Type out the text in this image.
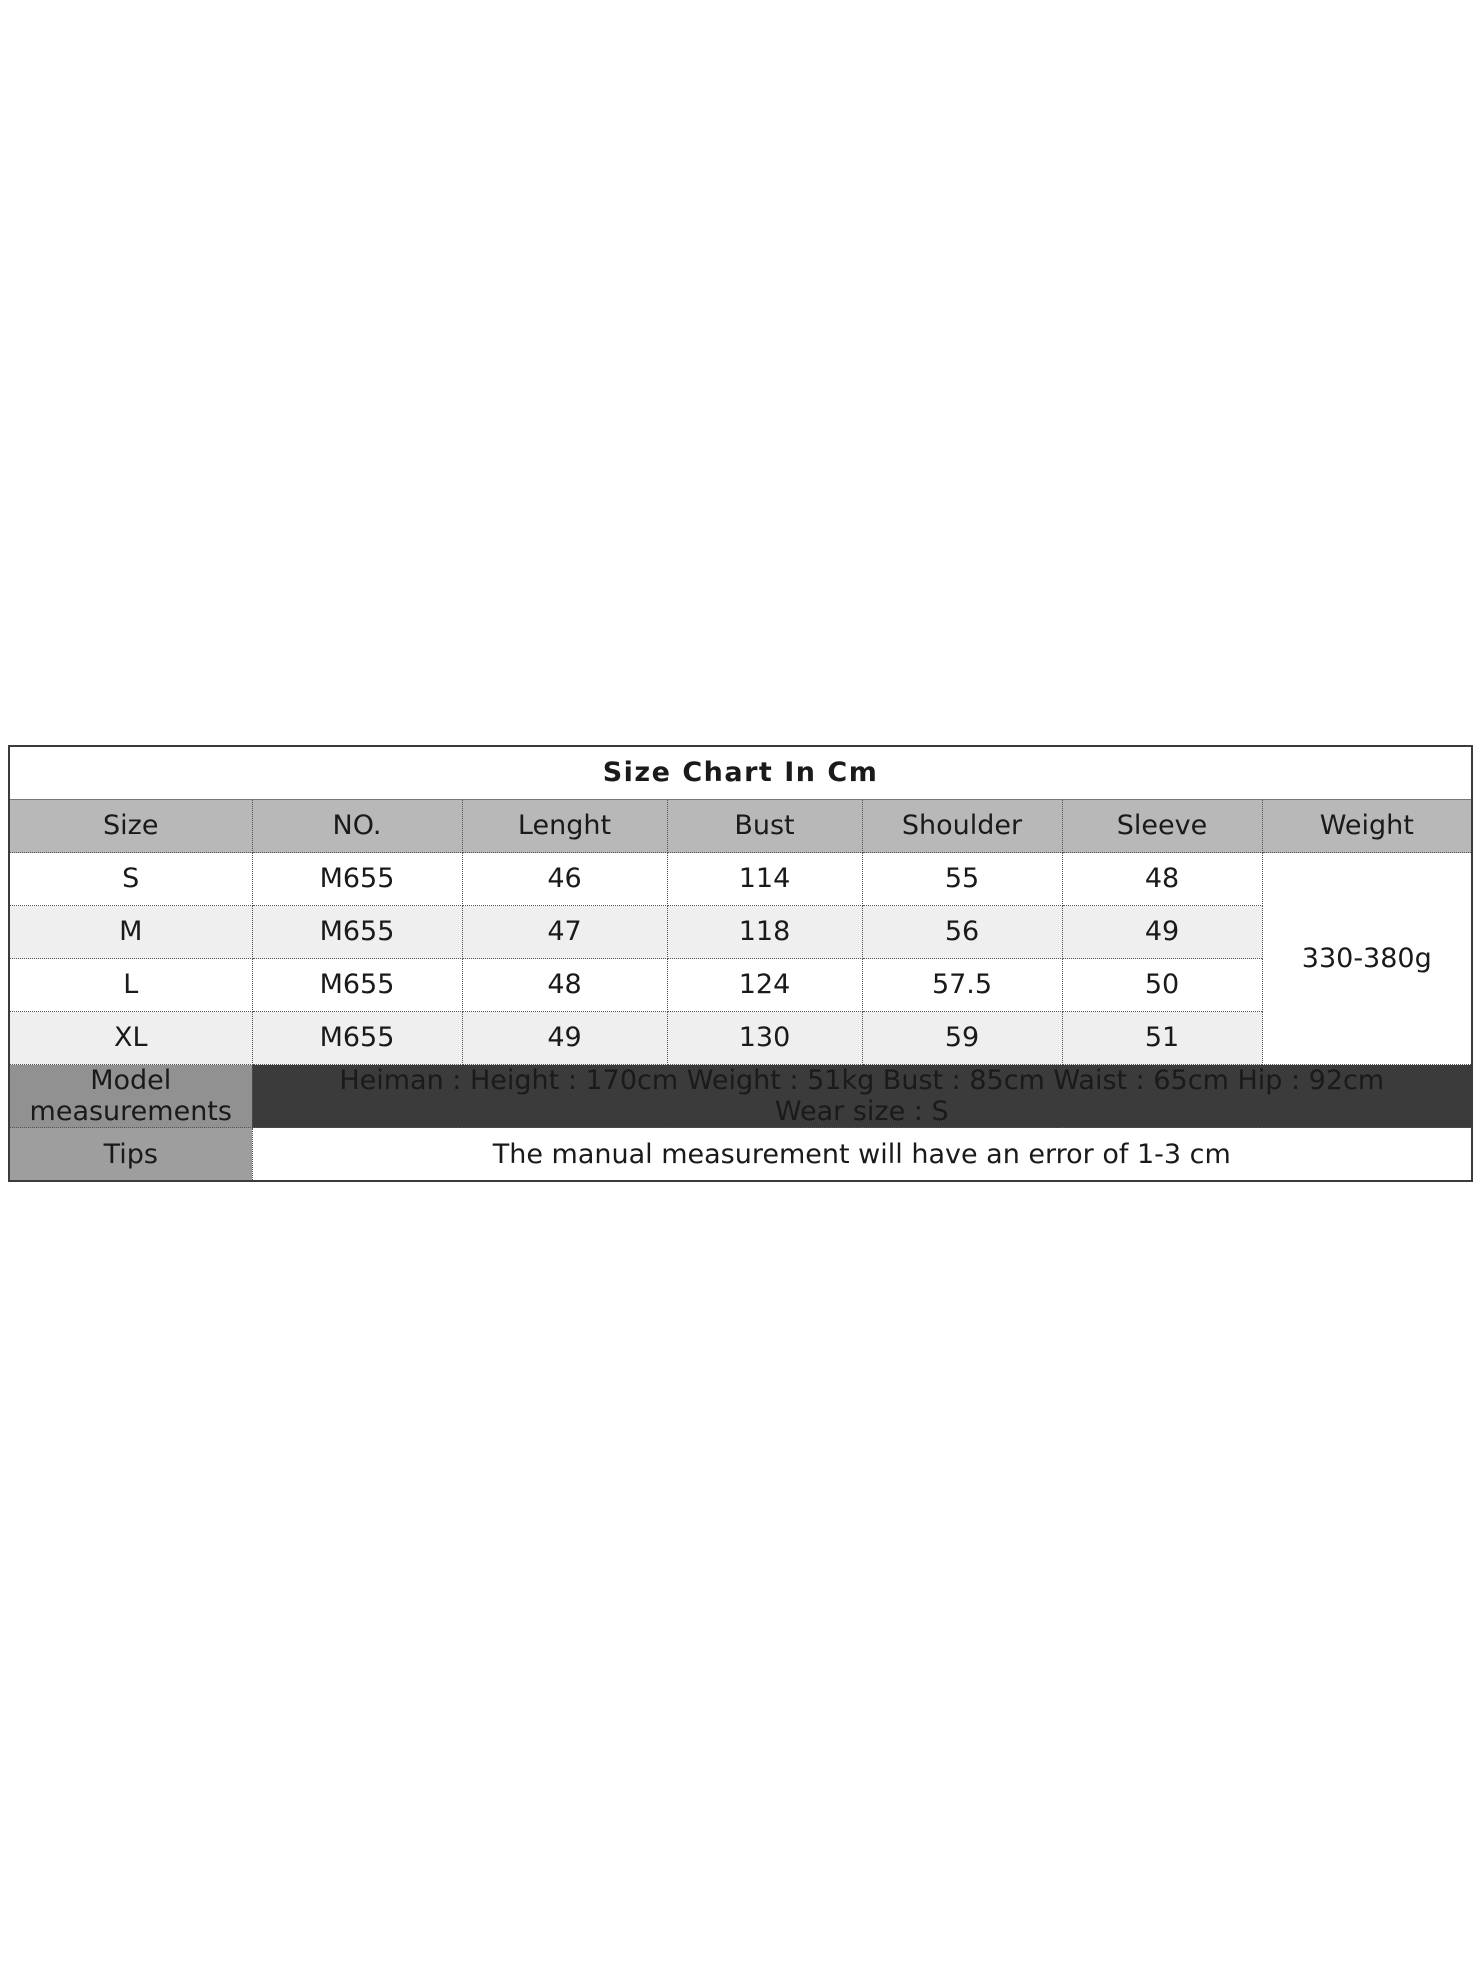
Size Chart In Cm						
Size	NO.	Lenght	Bust	Shoulder	Sleeve	Weight
S	M655	46	114	55	48	330-380g
M	M655	47	118	56	49	
L	M655	48	124	57.5	50	
XL	M655	49	130	59	51	
Model
measurements	Heiman : Height : 170cm Weight : 51kg Bust : 85cm Waist : 65cm Hip : 92cm
Wear size : S					

Tips	The manual measurement will have an error of 1-3 cm					
